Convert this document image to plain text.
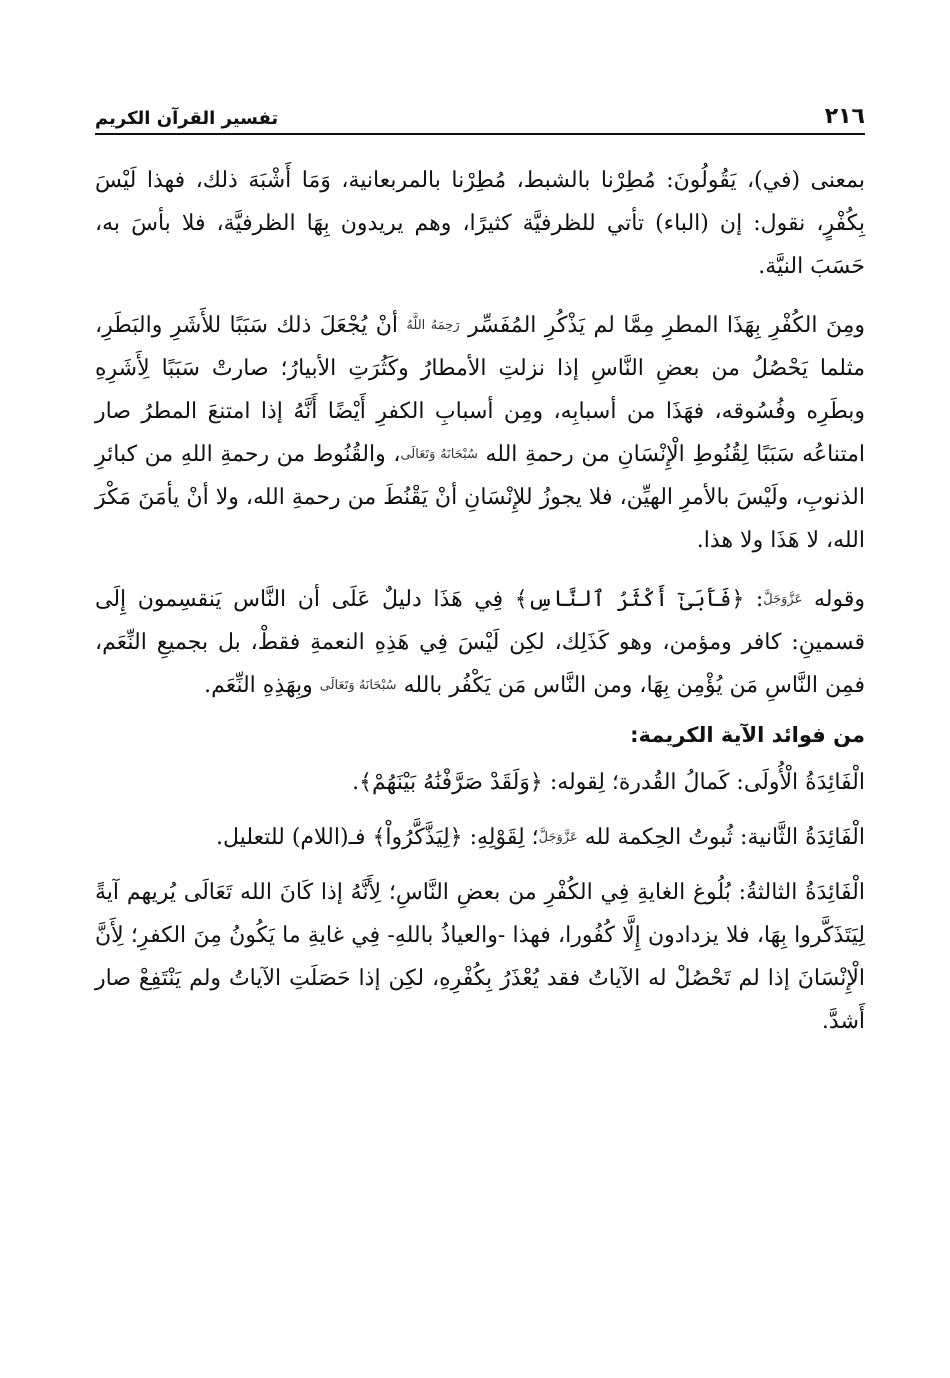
٢١٦
تفسير القرآن الكريم

بمعنى (في)، يَقُولُونَ: مُطِرْنا بالشبط، مُطِرْنا بالمربعانية، وَمَا أَشْبَهَ ذلك، فهذا لَيْسَ بِكُفْرٍ، نقول: إن (الباء) تأتي للظرفيَّة كثيرًا، وهم يريدون بِهَا الظرفيَّة، فلا بأسَ به، حَسَبَ النيَّة.

ومِنَ الكُفْرِ بِهَذَا المطرِ مِمَّا لم يَذْكُرِ المُفَسِّر رَحِمَهُ اللَّهُ أنْ يُجْعَلَ ذلك سَبَبًا للأَشَرِ والبَطَرِ، مثلما يَحْصُلُ من بعضِ النَّاسِ إذا نزلتِ الأمطارُ وكَثُرَتِ الأبيارُ؛ صارتْ سَبَبًا لِأَشَرِهِ وبطَرِه وفُسُوقه، فهَذَا من أسبابِه، ومِن أسبابِ الكفرِ أَيْضًا أَنَّهُ إذا امتنعَ المطرُ صار امتناعُه سَبَبًا لِقُنُوطِ الْإِنْسَانِ من رحمةِ الله سُبْحَانَهُ وَتَعَالَى، والقُنُوط من رحمةِ اللهِ من كبائرِ الذنوبِ، ولَيْسَ بالأمرِ الهيِّن، فلا يجوزُ للإِنْسَانِ أنْ يَقْنُطَ من رحمةِ الله، ولا أنْ يأمَنَ مَكْرَ الله، لا هَذَا ولا هذا.

وقوله عَزَّوَجَلَّ: ﴿فَأَبَىٰٓ أَكْثَرُ ٱلنَّاسِ﴾ فِي هَذَا دليلٌ عَلَى أن النَّاس يَنقسِمون إِلَى قسمينِ: كافر ومؤمن، وهو كَذَلِك، لكِن لَيْسَ فِي هَذِهِ النعمةِ فقطْ، بل بجميعِ النِّعَم، فمِن النَّاسِ مَن يُؤْمِن بِهَا، ومن النَّاس مَن يَكْفُر بالله سُبْحَانَهُ وَتَعَالَى وبِهَذِهِ النِّعَم.

من فوائد الآية الكريمة:

الْفَائِدَةُ الْأُولَى: كَمالُ القُدرة؛ لِقوله: ﴿وَلَقَدْ صَرَّفْنَٰهُ بَيْنَهُمْ﴾.

الْفَائِدَةُ الثَّانية: ثُبوتُ الحِكمة لله عَزَّوَجَلَّ؛ لِقَوْلِهِ: ﴿لِيَذَّكَّرُواْ﴾ فـ(اللام) للتعليل.

الْفَائِدَةُ الثالثةُ: بُلُوغ الغايةِ فِي الكُفْرِ من بعضِ النَّاسِ؛ لِأَنَّهُ إذا كَانَ الله تَعَالَى يُريهم آيةً لِيَتَذَكَّروا بِهَا، فلا يزدادون إِلَّا كُفُورا، فهذا -والعياذُ باللهِ- فِي غايةِ ما يَكُونُ مِنَ الكفرِ؛ لِأَنَّ الْإِنْسَانَ إذا لم تَحْصُلْ له الآياتُ فقد يُعْذَرُ بِكُفْرِهِ، لكِن إذا حَصَلَتِ الآياتُ ولم يَنْتَفِعْ صار أَشدَّ.
